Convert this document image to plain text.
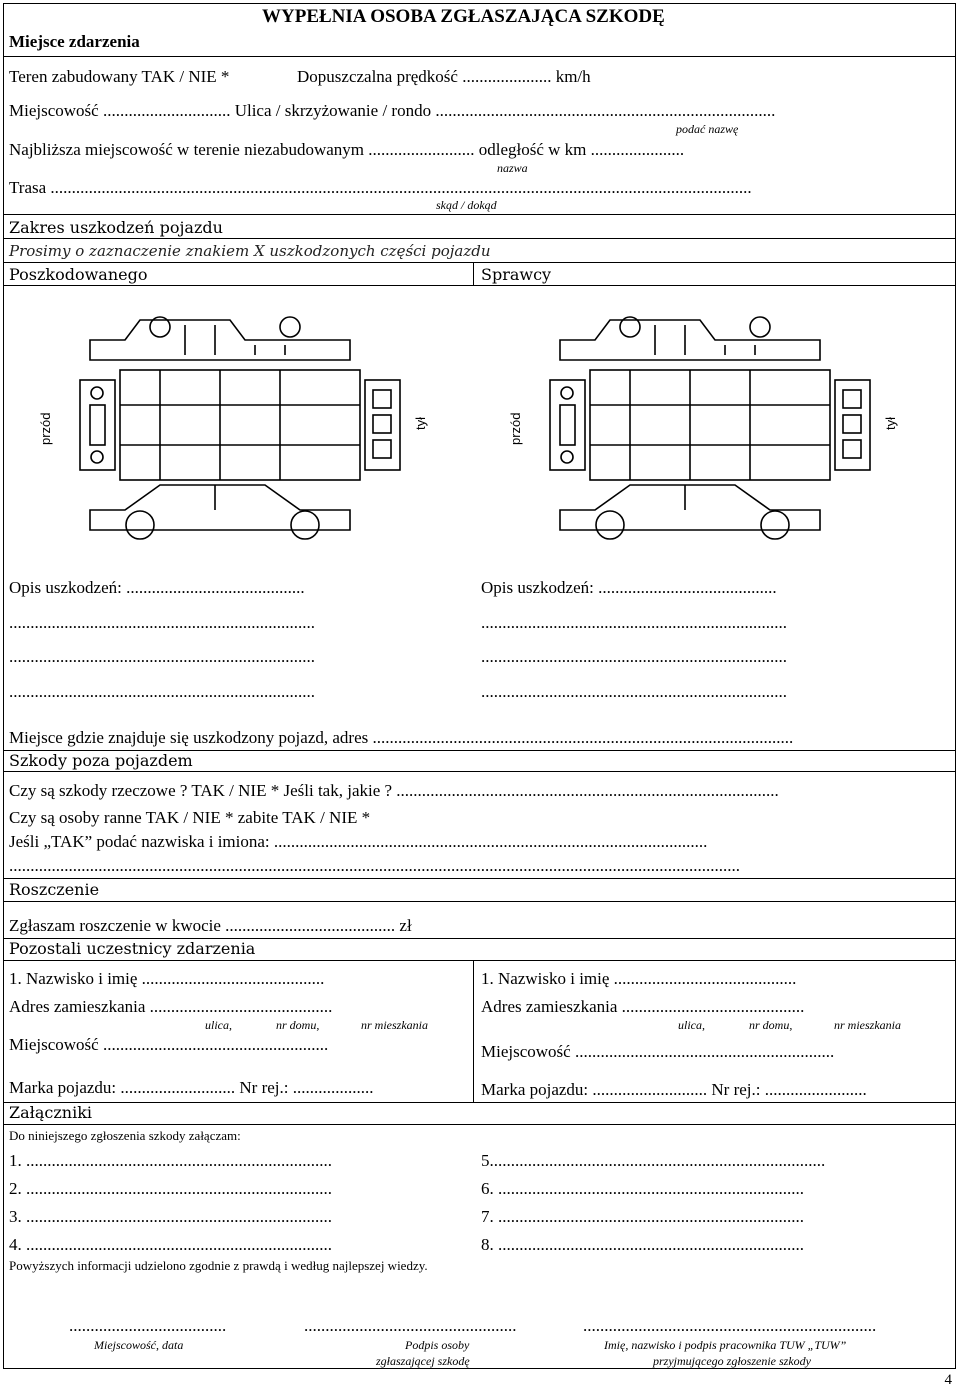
WYPEŁNIA OSOBA ZGŁASZAJĄCA SZKODĘ
Miejsce zdarzenia
Teren zabudowany TAK / NIE *	Dopuszczalna prędkość ..................... km/h
Miejscowość .............................. Ulica / skrzyżowanie / rondo ................................................................................
podać nazwę
Najbliższa miejscowość w terenie niezabudowanym ......................... odległość w km ......................
nazwa
Trasa .....................................................................................................................................................................
skąd / dokąd
Zakres uszkodzeń pojazdu
Prosimy o zaznaczenie znakiem X uszkodzonych części pojazdu
Poszkodowanego	Sprawcy
przód	tył	przód	tył
Opis uszkodzeń: ..........................................
........................................................................
........................................................................
........................................................................
Opis uszkodzeń: ..........................................
........................................................................
........................................................................
........................................................................
Miejsce gdzie znajduje się uszkodzony pojazd, adres ...................................................................................................
Szkody poza pojazdem
Czy są szkody rzeczowe ? TAK / NIE * Jeśli tak, jakie ? ..........................................................................................
Czy są osoby ranne TAK / NIE * zabite TAK / NIE *
Jeśli „TAK” podać nazwiska i imiona: ......................................................................................................
............................................................................................................................................................................
Roszczenie
Zgłaszam roszczenie w kwocie ........................................ zł
Pozostali uczestnicy zdarzenia
1. Nazwisko i imię ...........................................
Adres zamieszkania ...........................................
ulica,	nr domu,	nr mieszkania
Miejscowość .....................................................
Marka pojazdu: ........................... Nr rej.: ...................
1. Nazwisko i imię ...........................................
Adres zamieszkania ...........................................
ulica,	nr domu,	nr mieszkania
Miejscowość .............................................................
Marka pojazdu: ........................... Nr rej.: ........................
Załączniki
Do niniejszego zgłoszenia szkody załączam:
1. ........................................................................
2. ........................................................................
3. ........................................................................
4. ........................................................................
5...............................................................................
6. ........................................................................
7. ........................................................................
8. ........................................................................
Powyższych informacji udzielono zgodnie z prawdą i według najlepszej wiedzy.
.....................................	..................................................	.....................................................................
Miejscowość, data	Podpis osoby
zgłaszającej szkodę
Imię, nazwisko i podpis pracownika TUW „TUW”
przyjmującego zgłoszenie szkody
4
